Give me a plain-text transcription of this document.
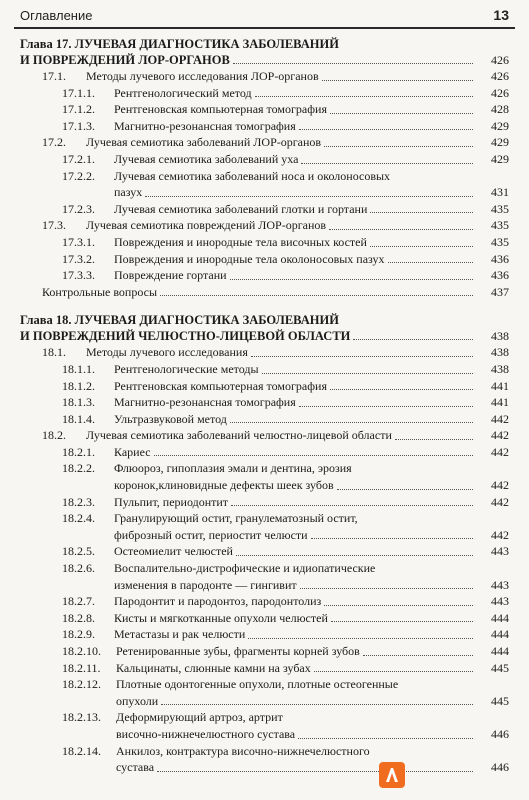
Оглавление	13
Глава 17. ЛУЧЕВАЯ ДИАГНОСТИКА ЗАБОЛЕВАНИЙ
И ПОВРЕЖДЕНИЙ ЛОР-ОРГАНОВ	426
17.1. Методы лучевого исследования ЛОР-органов	426
17.1.1. Рентгенологический метод	426
17.1.2. Рентгеновская компьютерная томография	428
17.1.3. Магнитно-резонансная томография	429
17.2. Лучевая семиотика заболеваний ЛОР-органов	429
17.2.1. Лучевая семиотика заболеваний уха	429
17.2.2. Лучевая семиотика заболеваний носа и околоносовых
пазух	431
17.2.3. Лучевая семиотика заболеваний глотки и гортани	435
17.3. Лучевая семиотика повреждений ЛОР-органов	435
17.3.1. Повреждения и инородные тела височных костей	435
17.3.2. Повреждения и инородные тела околоносовых пазух	436
17.3.3. Повреждение гортани	436
Контрольные вопросы	437
Глава 18. ЛУЧЕВАЯ ДИАГНОСТИКА ЗАБОЛЕВАНИЙ
И ПОВРЕЖДЕНИЙ ЧЕЛЮСТНО-ЛИЦЕВОЙ ОБЛАСТИ	438
18.1. Методы лучевого исследования	438
18.1.1. Рентгенологические методы	438
18.1.2. Рентгеновская компьютерная томография	441
18.1.3. Магнитно-резонансная томография	441
18.1.4. Ультразвуковой метод	442
18.2. Лучевая семиотика заболеваний челюстно-лицевой области	442
18.2.1. Кариес	442
18.2.2. Флюороз, гипоплазия эмали и дентина, эрозия
коронок,клиновидные дефекты шеек зубов	442
18.2.3. Пульпит, периодонтит	442
18.2.4. Гранулирующий остит, гранулематозный остит,
фиброзный остит, периостит челюсти	442
18.2.5. Остеомиелит челюстей	443
18.2.6. Воспалительно-дистрофические и идиопатические
изменения в пародонте — гингивит	443
18.2.7. Пародонтит и пародонтоз, пародонтолиз	443
18.2.8. Кисты и мягкотканные опухоли челюстей	444
18.2.9. Метастазы и рак челюсти	444
18.2.10. Ретенированные зубы, фрагменты корней зубов	444
18.2.11. Кальцинаты, слюнные камни на зубах	445
18.2.12. Плотные одонтогенные опухоли, плотные остеогенные
опухоли	445
18.2.13. Деформирующий артроз, артрит
височно-нижнечелюстного сустава	446
18.2.14. Анкилоз, контрактура височно-нижнечелюстного
сустава	446
